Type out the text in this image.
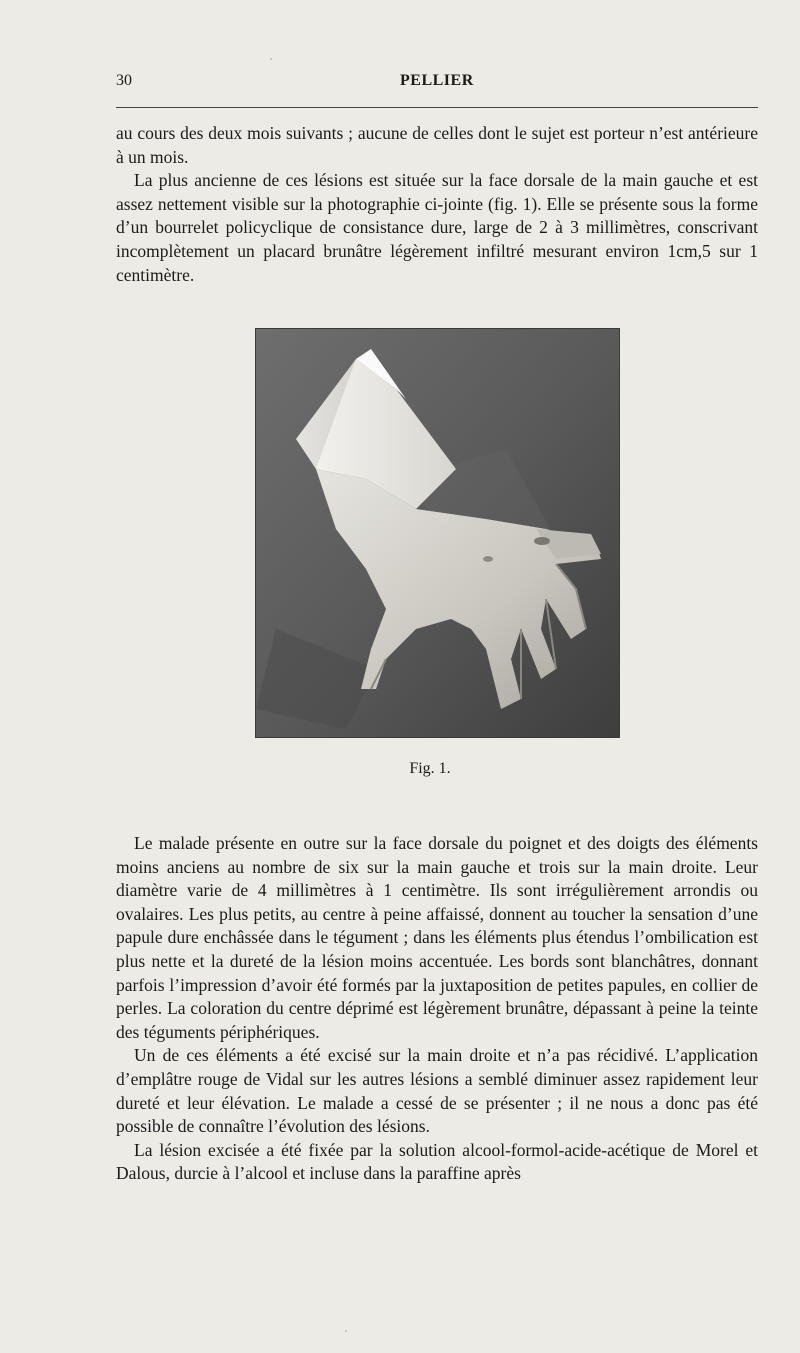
30	PELLIER

au cours des deux mois suivants ; aucune de celles dont le sujet est porteur n’est antérieure à un mois.

La plus ancienne de ces lésions est située sur la face dorsale de la main gauche et est assez nettement visible sur la photographie ci-jointe (fig. 1). Elle se présente sous la forme d’un bourrelet policyclique de consistance dure, large de 2 à 3 millimètres, conscrivant incomplètement un placard brunâtre légèrement infiltré mesurant environ 1cm,5 sur 1 centimètre.

Fig. 1.

Le malade présente en outre sur la face dorsale du poignet et des doigts des éléments moins anciens au nombre de six sur la main gauche et trois sur la main droite. Leur diamètre varie de 4 millimètres à 1 centimètre. Ils sont irrégulièrement arrondis ou ovalaires. Les plus petits, au centre à peine affaissé, donnent au toucher la sensation d’une papule dure enchâssée dans le tégument ; dans les éléments plus étendus l’ombilication est plus nette et la dureté de la lésion moins accentuée. Les bords sont blanchâtres, donnant parfois l’impression d’avoir été formés par la juxtaposition de petites papules, en collier de perles. La coloration du centre déprimé est légèrement brunâtre, dépassant à peine la teinte des téguments périphériques.

Un de ces éléments a été excisé sur la main droite et n’a pas récidivé. L’application d’emplâtre rouge de Vidal sur les autres lésions a semblé diminuer assez rapidement leur dureté et leur élévation. Le malade a cessé de se présenter ; il ne nous a donc pas été possible de connaître l’évolution des lésions.

La lésion excisée a été fixée par la solution alcool-formol-acide-acétique de Morel et Dalous, durcie à l’alcool et incluse dans la paraffine après
